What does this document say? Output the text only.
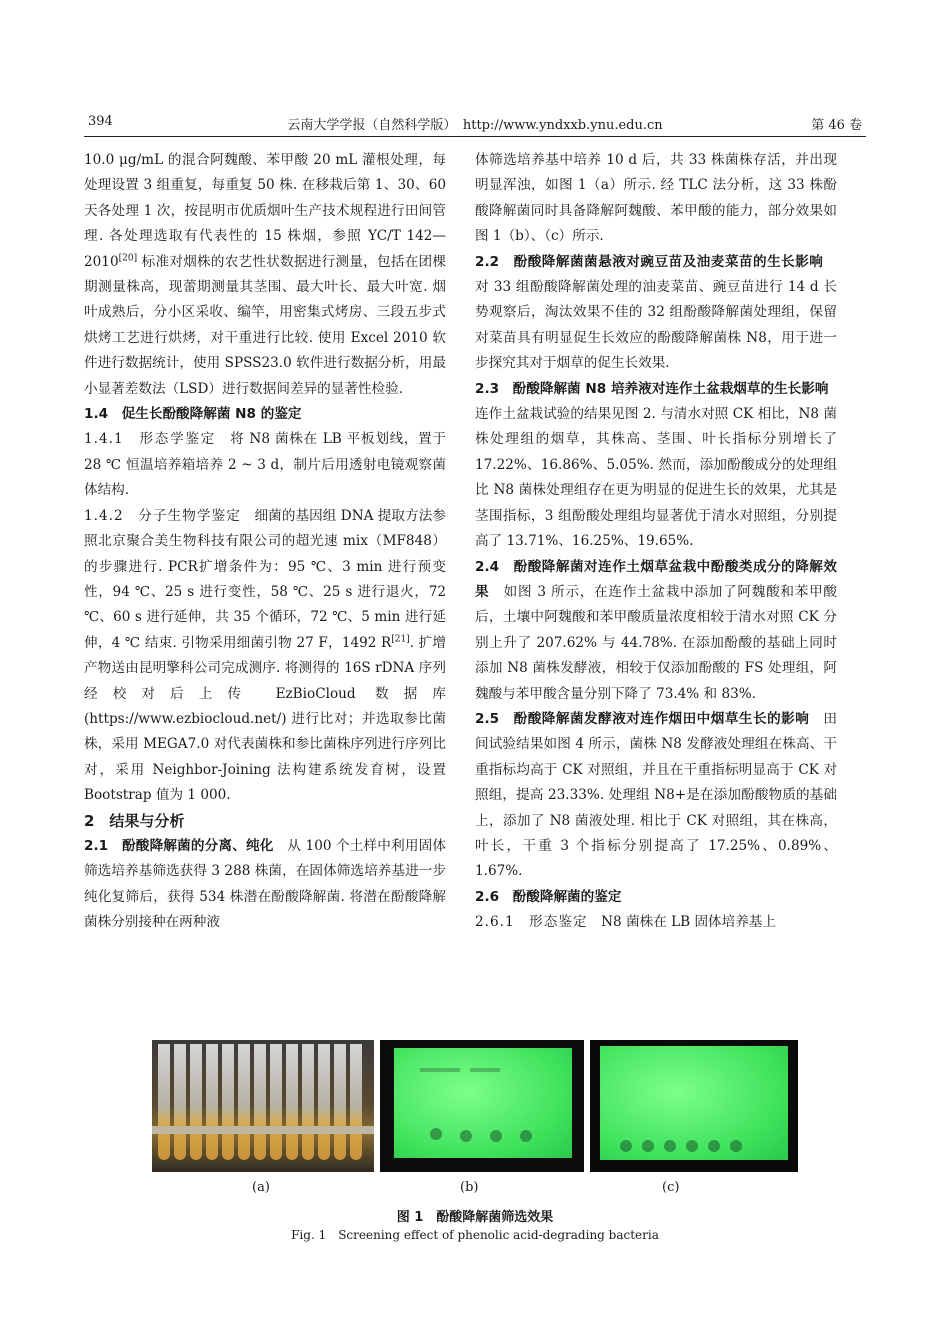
394	云南大学学报（自然科学版）　http://www.yndxxb.ynu.edu.cn	第 46 卷

10.0 μg/mL 的混合阿魏酸、苯甲酸 20 mL 灌根处理，每处理设置 3 组重复，每重复 50 株. 在移栽后第 1、30、60 天各处理 1 次，按昆明市优质烟叶生产技术规程进行田间管理. 各处理选取有代表性的 15 株烟，参照 YC/T 142—2010[20] 标准对烟株的农艺性状数据进行测量，包括在团棵期测量株高，现蕾期测量其茎围、最大叶长、最大叶宽. 烟叶成熟后，分小区采收、编竿，用密集式烤房、三段五步式烘烤工艺进行烘烤，对干重进行比较. 使用 Excel 2010 软件进行数据统计，使用 SPSS23.0 软件进行数据分析，用最小显著差数法（LSD）进行数据间差异的显著性检验.

1.4　促生长酚酸降解菌 N8 的鉴定

1.4.1　形态学鉴定　将 N8 菌株在 LB 平板划线，置于 28 ℃ 恒温培养箱培养 2 ~ 3 d，制片后用透射电镜观察菌体结构.

1.4.2　分子生物学鉴定　细菌的基因组 DNA 提取方法参照北京聚合美生物科技有限公司的超光速 mix（MF848）的步骤进行. PCR扩增条件为：95 ℃、3 min 进行预变性，94 ℃、25 s 进行变性，58 ℃、25 s 进行退火，72 ℃、60 s 进行延伸，共 35 个循环，72 ℃、5 min 进行延伸，4 ℃ 结束. 引物采用细菌引物 27 F，1492 R[21]. 扩增产物送由昆明擎科公司完成测序. 将测得的 16S rDNA 序列经校对后上传 EzBioCloud 数据库 (https://www.ezbiocloud.net/) 进行比对；并选取参比菌株，采用 MEGA7.0 对代表菌株和参比菌株序列进行序列比对，采用 Neighbor-Joining 法构建系统发育树，设置 Bootstrap 值为 1 000.

2　结果与分析

2.1　酚酸降解菌的分离、纯化　从 100 个土样中利用固体筛选培养基筛选获得 3 288 株菌，在固体筛选培养基进一步纯化复筛后，获得 534 株潜在酚酸降解菌. 将潜在酚酸降解菌株分别接种在两种液

体筛选培养基中培养 10 d 后，共 33 株菌株存活，并出现明显浑浊，如图 1（a）所示. 经 TLC 法分析，这 33 株酚酸降解菌同时具备降解阿魏酸、苯甲酸的能力，部分效果如图 1（b）、（c）所示.

2.2　酚酸降解菌菌悬液对豌豆苗及油麦菜苗的生长影响　对 33 组酚酸降解菌处理的油麦菜苗、豌豆苗进行 14 d 长势观察后，淘汰效果不佳的 32 组酚酸降解菌处理组，保留对菜苗具有明显促生长效应的酚酸降解菌株 N8，用于进一步探究其对于烟草的促生长效果.

2.3　酚酸降解菌 N8 培养液对连作土盆栽烟草的生长影响　连作土盆栽试验的结果见图 2. 与清水对照 CK 相比，N8 菌株处理组的烟草，其株高、茎围、叶长指标分别增长了 17.22%、16.86%、5.05%. 然而，添加酚酸成分的处理组比 N8 菌株处理组存在更为明显的促进生长的效果，尤其是茎围指标，3 组酚酸处理组均显著优于清水对照组，分别提高了 13.71%、16.25%、19.65%.

2.4　酚酸降解菌对连作土烟草盆栽中酚酸类成分的降解效果　如图 3 所示，在连作土盆栽中添加了阿魏酸和苯甲酸后，土壤中阿魏酸和苯甲酸质量浓度相较于清水对照 CK 分别上升了 207.62% 与 44.78%. 在添加酚酸的基础上同时添加 N8 菌株发酵液，相较于仅添加酚酸的 FS 处理组，阿魏酸与苯甲酸含量分别下降了 73.4% 和 83%.

2.5　酚酸降解菌发酵液对连作烟田中烟草生长的影响　田间试验结果如图 4 所示，菌株 N8 发酵液处理组在株高、干重指标均高于 CK 对照组，并且在干重指标明显高于 CK 对照组，提高 23.33%. 处理组 N8+是在添加酚酸物质的基础上，添加了 N8 菌液处理. 相比于 CK 对照组，其在株高，叶长，干重 3 个指标分别提高了 17.25%、0.89%、1.67%.

2.6　酚酸降解菌的鉴定

2.6.1　形态鉴定　N8 菌株在 LB 固体培养基上

(a)	(b)	(c)
图 1　酚酸降解菌筛选效果
Fig. 1　Screening effect of phenolic acid-degrading bacteria
